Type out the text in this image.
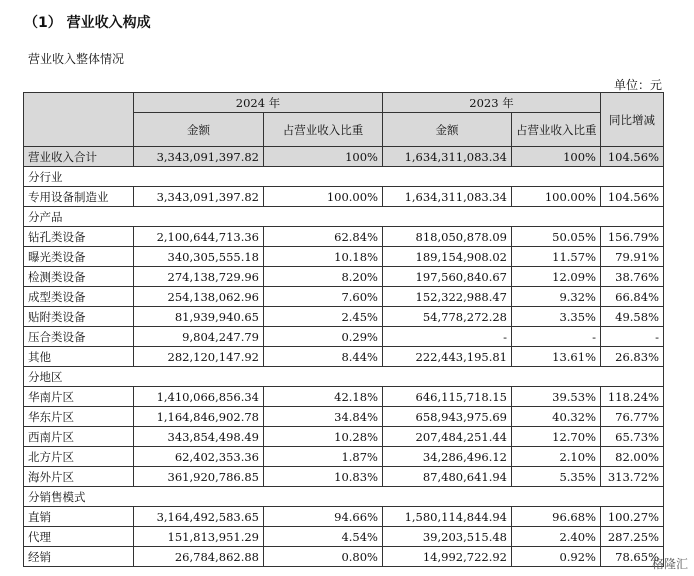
（1） 营业收入构成
营业收入整体情况
单位：元
	2024 年		2023 年		同比增减
	金额	占营业收入比重	金额	占营业收入比重	
营业收入合计	3,343,091,397.82	100%	1,634,311,083.34	100%	104.56%
分行业					
专用设备制造业	3,343,091,397.82	100.00%	1,634,311,083.34	100.00%	104.56%
分产品					
钻孔类设备	2,100,644,713.36	62.84%	818,050,878.09	50.05%	156.79%
曝光类设备	340,305,555.18	10.18%	189,154,908.02	11.57%	79.91%
检测类设备	274,138,729.96	8.20%	197,560,840.67	12.09%	38.76%
成型类设备	254,138,062.96	7.60%	152,322,988.47	9.32%	66.84%
贴附类设备	81,939,940.65	2.45%	54,778,272.28	3.35%	49.58%
压合类设备	9,804,247.79	0.29%	-	-	-
其他	282,120,147.92	8.44%	222,443,195.81	13.61%	26.83%
分地区					
华南片区	1,410,066,856.34	42.18%	646,115,718.15	39.53%	118.24%
华东片区	1,164,846,902.78	34.84%	658,943,975.69	40.32%	76.77%
西南片区	343,854,498.49	10.28%	207,484,251.44	12.70%	65.73%
北方片区	62,402,353.36	1.87%	34,286,496.12	2.10%	82.00%
海外片区	361,920,786.85	10.83%	87,480,641.94	5.35%	313.72%
分销售模式					
直销	3,164,492,583.65	94.66%	1,580,114,844.94	96.68%	100.27%
代理	151,813,951.29	4.54%	39,203,515.48	2.40%	287.25%
经销	26,784,862.88	0.80%	14,992,722.92	0.92%	78.65%
格隆汇
